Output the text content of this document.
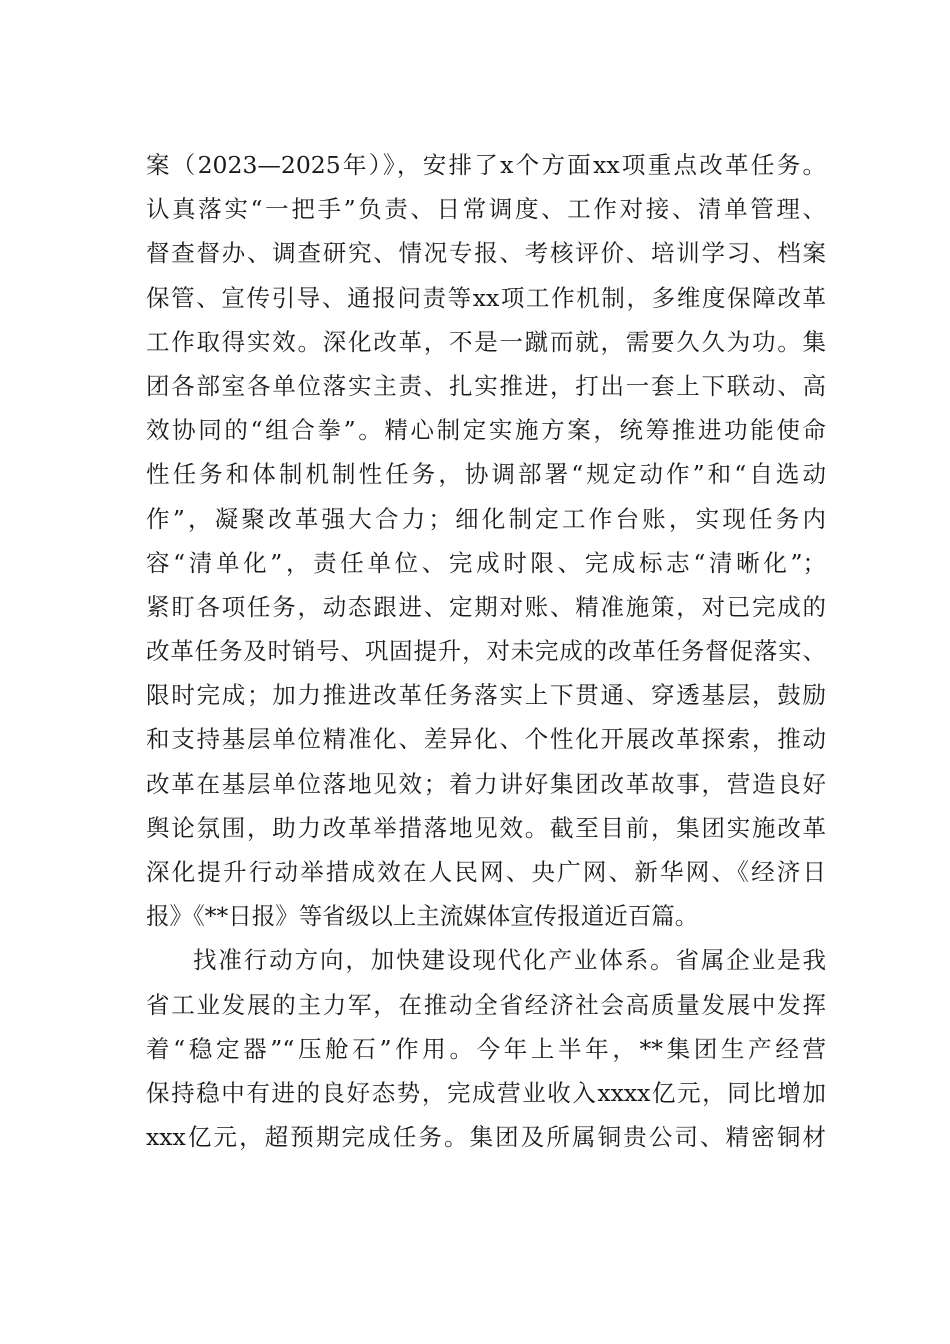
案（2023—2025年）》，安排了x个方面xx项重点改革任务。
认真落实“一把手”负责、日常调度、工作对接、清单管理、
督查督办、调查研究、情况专报、考核评价、培训学习、档案
保管、宣传引导、通报问责等xx项工作机制，多维度保障改革
工作取得实效。深化改革，不是一蹴而就，需要久久为功。集
团各部室各单位落实主责、扎实推进，打出一套上下联动、高
效协同的“组合拳”。精心制定实施方案，统筹推进功能使命
性任务和体制机制性任务，协调部署“规定动作”和“自选动
作”，凝聚改革强大合力；细化制定工作台账，实现任务内
容“清单化”，责任单位、完成时限、完成标志“清晰化”；
紧盯各项任务，动态跟进、定期对账、精准施策，对已完成的
改革任务及时销号、巩固提升，对未完成的改革任务督促落实、
限时完成；加力推进改革任务落实上下贯通、穿透基层，鼓励
和支持基层单位精准化、差异化、个性化开展改革探索，推动
改革在基层单位落地见效；着力讲好集团改革故事，营造良好
舆论氛围，助力改革举措落地见效。截至目前，集团实施改革
深化提升行动举措成效在人民网、央广网、新华网、《经济日
报》《**日报》等省级以上主流媒体宣传报道近百篇。
找准行动方向，加快建设现代化产业体系。省属企业是我
省工业发展的主力军，在推动全省经济社会高质量发展中发挥
着“稳定器”“压舱石”作用。今年上半年，**集团生产经营
保持稳中有进的良好态势，完成营业收入xxxx亿元，同比增加
xxx亿元，超预期完成任务。集团及所属铜贵公司、精密铜材
